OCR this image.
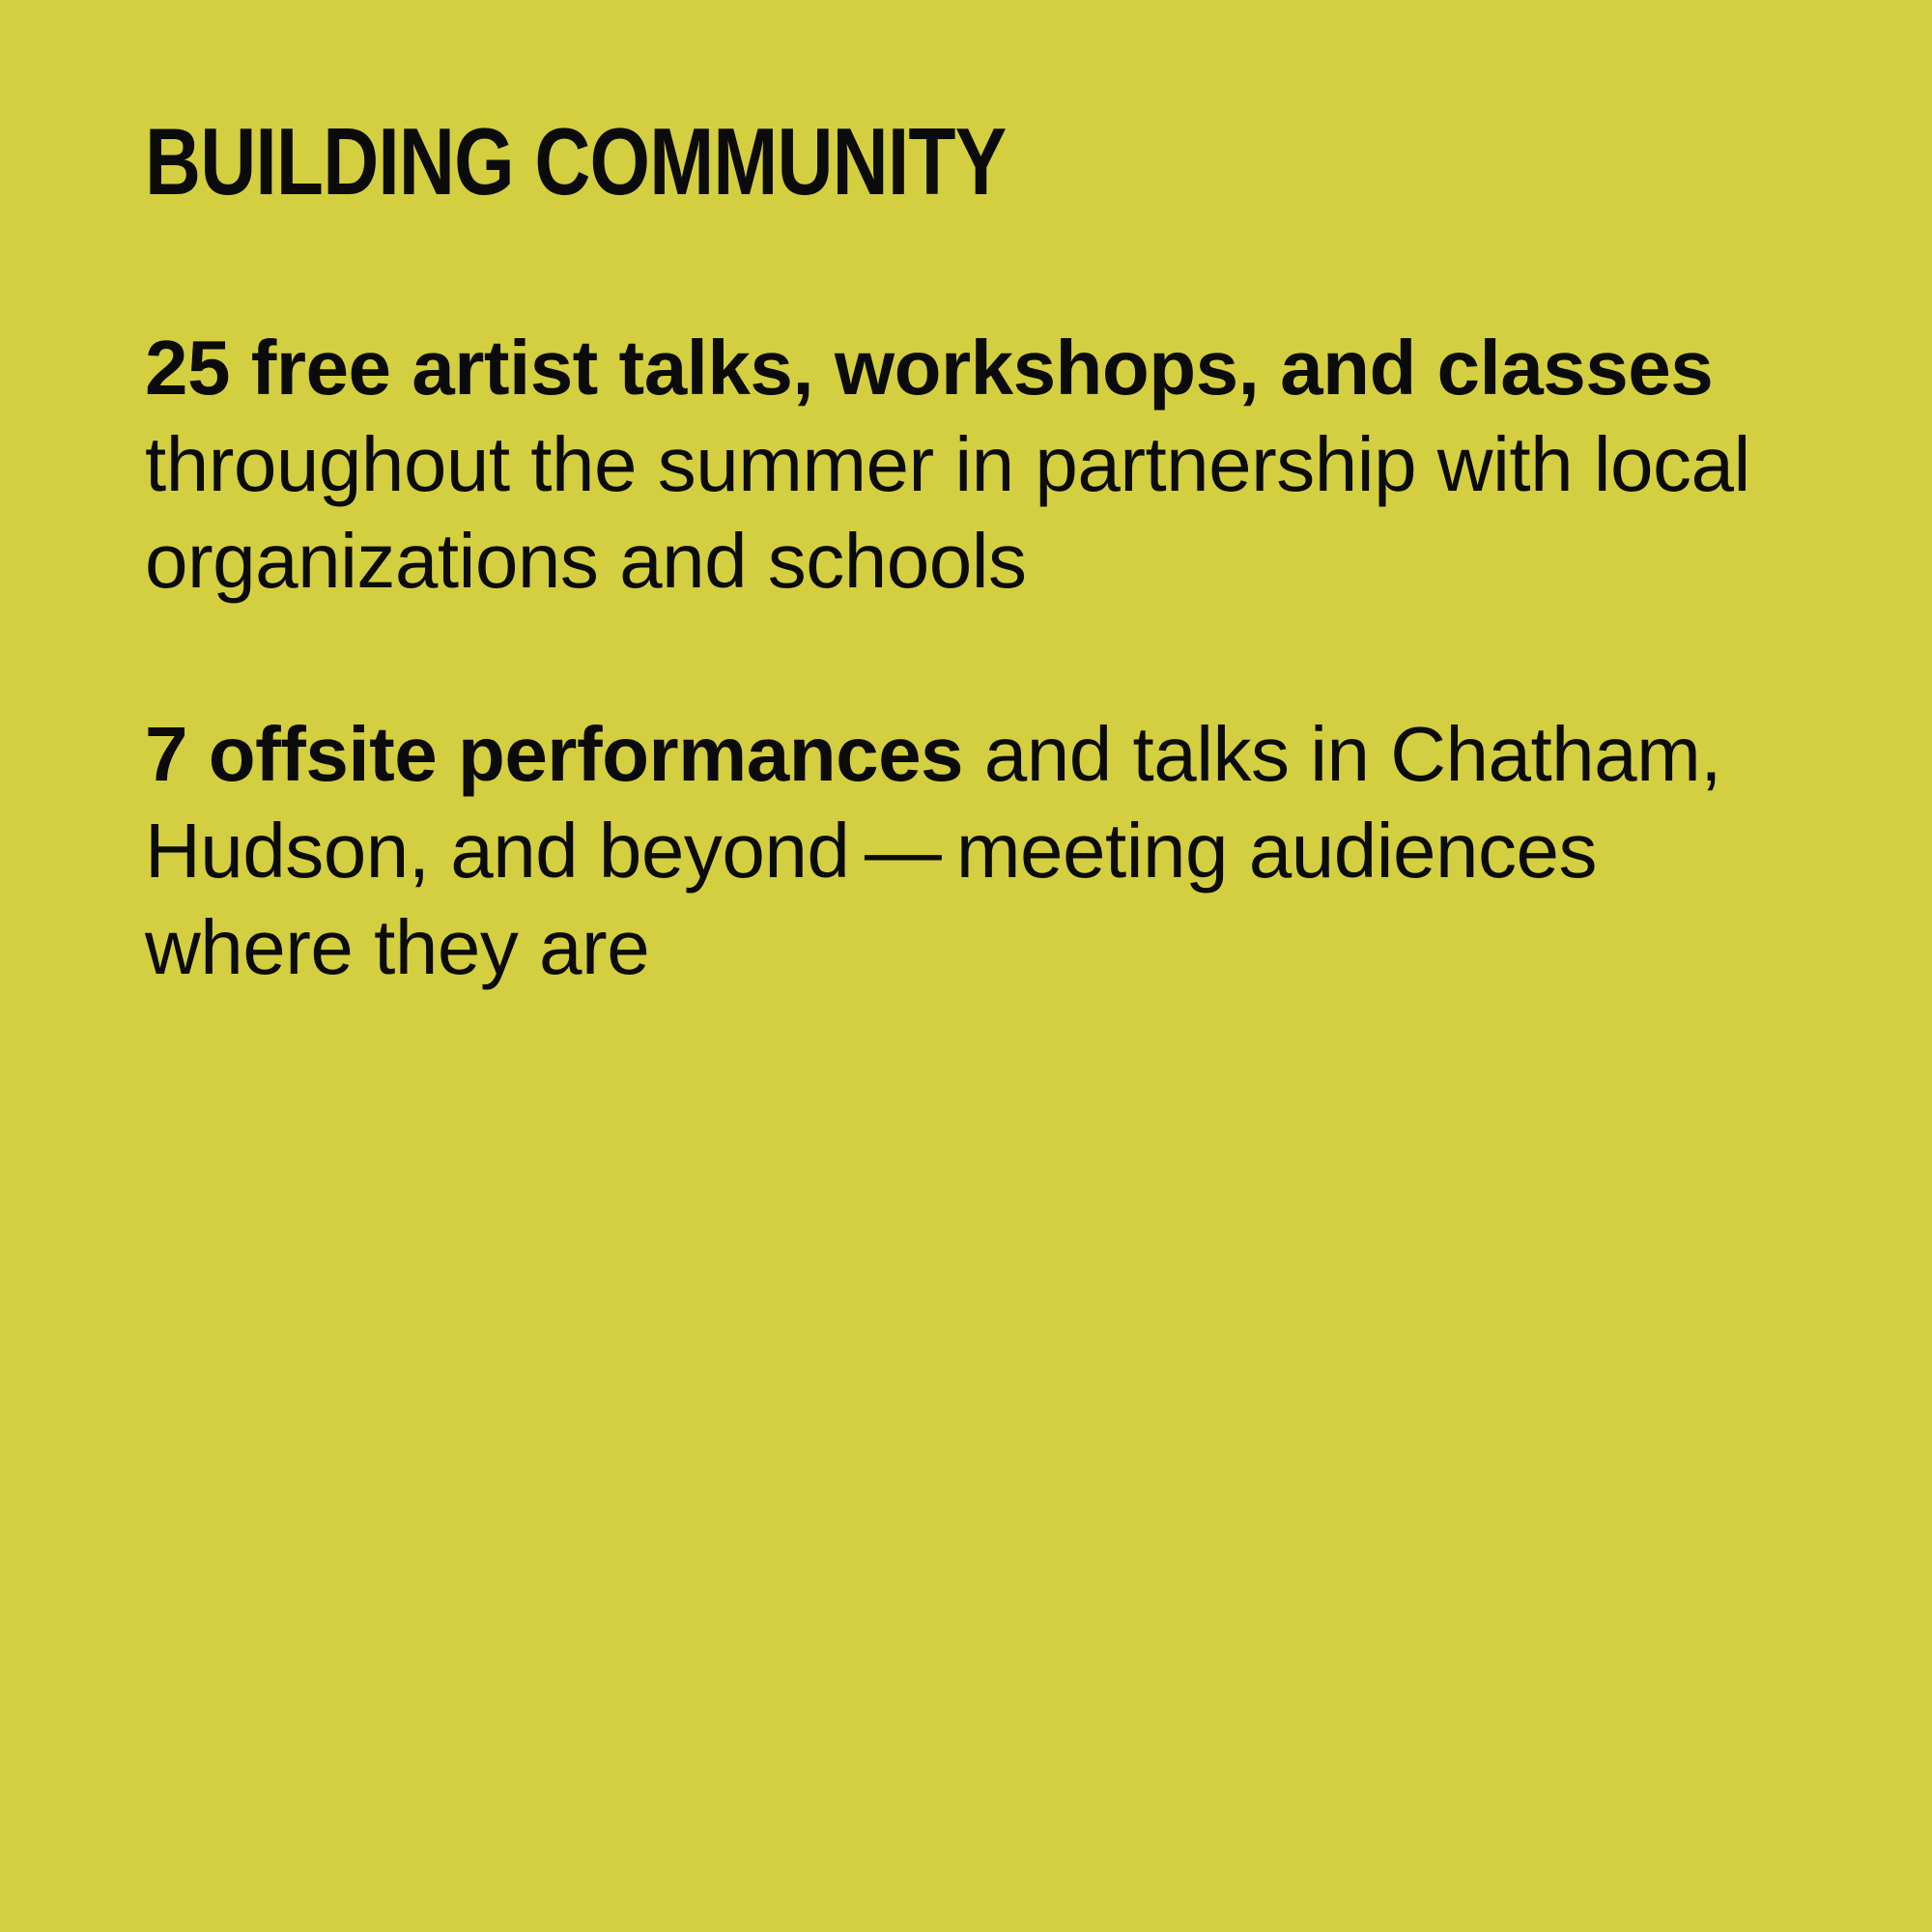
BUILDING COMMUNITY

25 free artist talks, workshops, and classes throughout the summer in partnership with local organizations and schools

7 offsite performances and talks in Chatham, Hudson, and beyond — meeting audiences where they are
